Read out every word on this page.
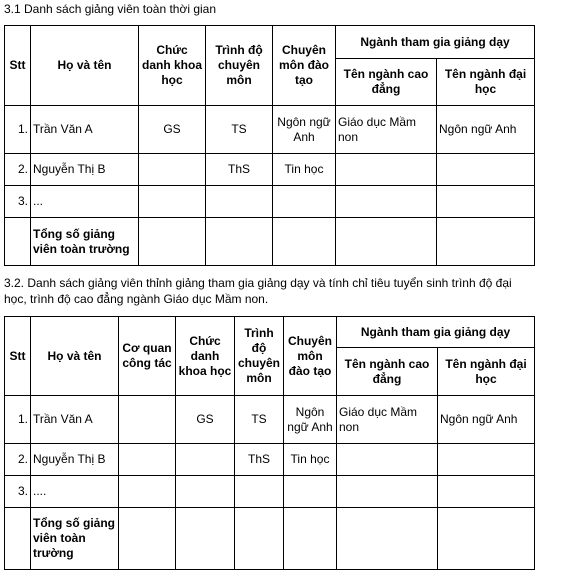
3.1 Danh sách giảng viên toàn thời gian
Stt	Họ và tên	Chức danh khoa học	Trình độ chuyên môn	Chuyên môn đào tạo	Ngành tham gia giảng dạy	
					Tên ngành cao đẳng	Tên ngành đại học
1.	Trần Văn A	GS	TS	Ngôn ngữ Anh	Giáo dục Mầm non	Ngôn ngữ Anh
2.	Nguyễn Thị B		ThS	Tin học		
3.	...					
	Tổng số giảng viên toàn trường					
3.2. Danh sách giảng viên thỉnh giảng tham gia giảng dạy và tính chỉ tiêu tuyển sinh trình độ đại học, trình độ cao đẳng ngành Giáo dục Mầm non.
Stt	Họ và tên	Cơ quan công tác	Chức danh khoa học	Trình độ chuyên môn	Chuyên môn đào tạo	Ngành tham gia giảng dạy	
						Tên ngành cao đẳng	Tên ngành đại học
1.	Trần Văn A		GS	TS	Ngôn ngữ Anh	Giáo dục Mầm non	Ngôn ngữ Anh
2.	Nguyễn Thị B			ThS	Tin học		
3.	....						
	Tổng số giảng viên toàn trường						
